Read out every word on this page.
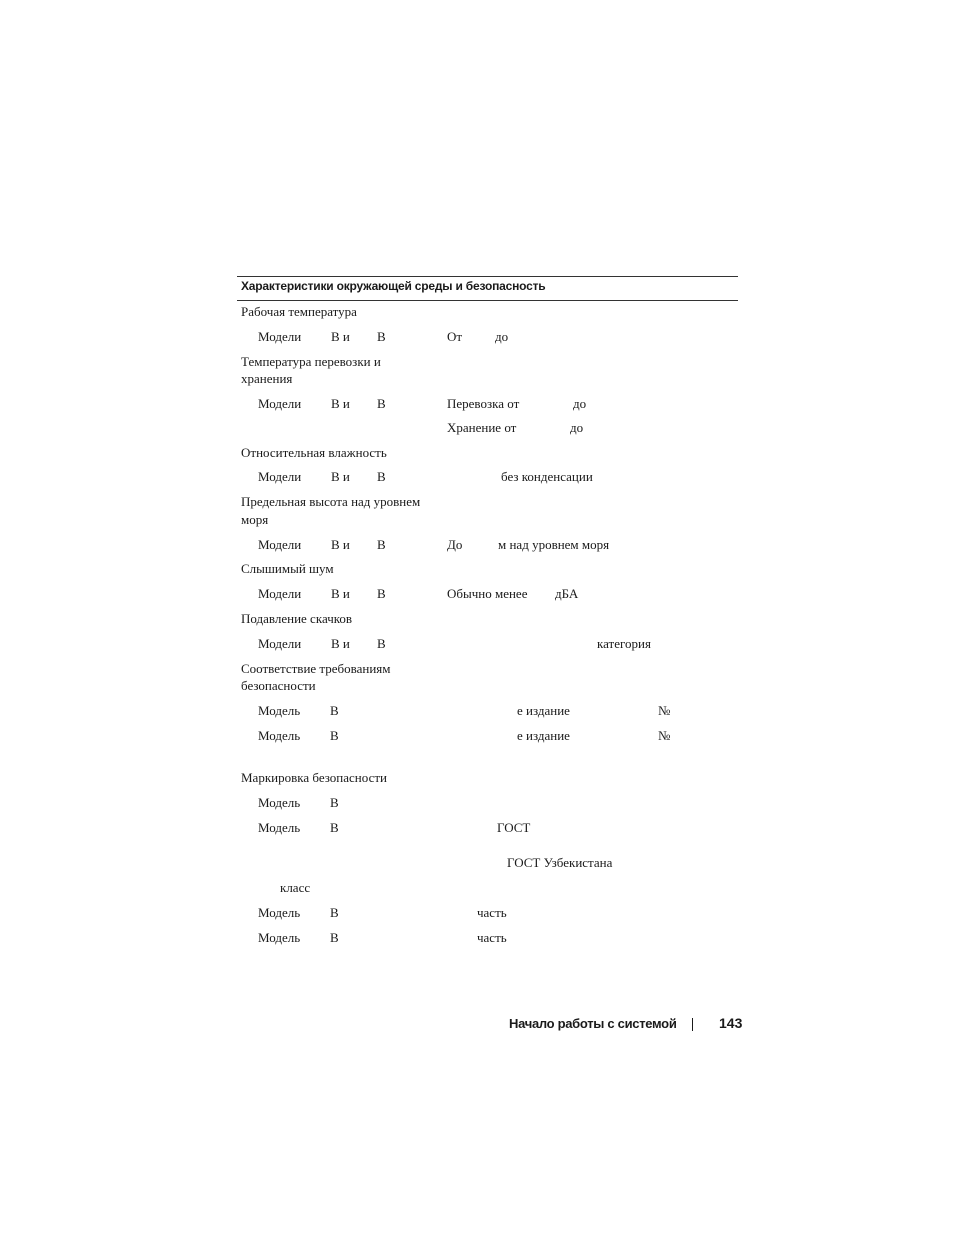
Характеристики окружающей среды и безопасность
Рабочая температура
Модели В и В	От	до
Температура перевозки и
хранения
Модели В и В	Перевозка от	до
Хранение от	до
Относительная влажность
Модели В и В	без конденсации
Предельная высота над уровнем
моря
Модели В и В	До	м над уровнем моря
Слышимый шум
Модели В и В	Обычно менее дБА
Подавление скачков
Модели В и В	категория
Соответствие требованиям
безопасности
Модель В	е издание	№
Модель В	е издание	№
Маркировка безопасности
Модель В
Модель В	ГОСТ
ГОСТ Узбекистана
класс
Модель В	часть
Модель В	часть
Начало работы с системой	143
